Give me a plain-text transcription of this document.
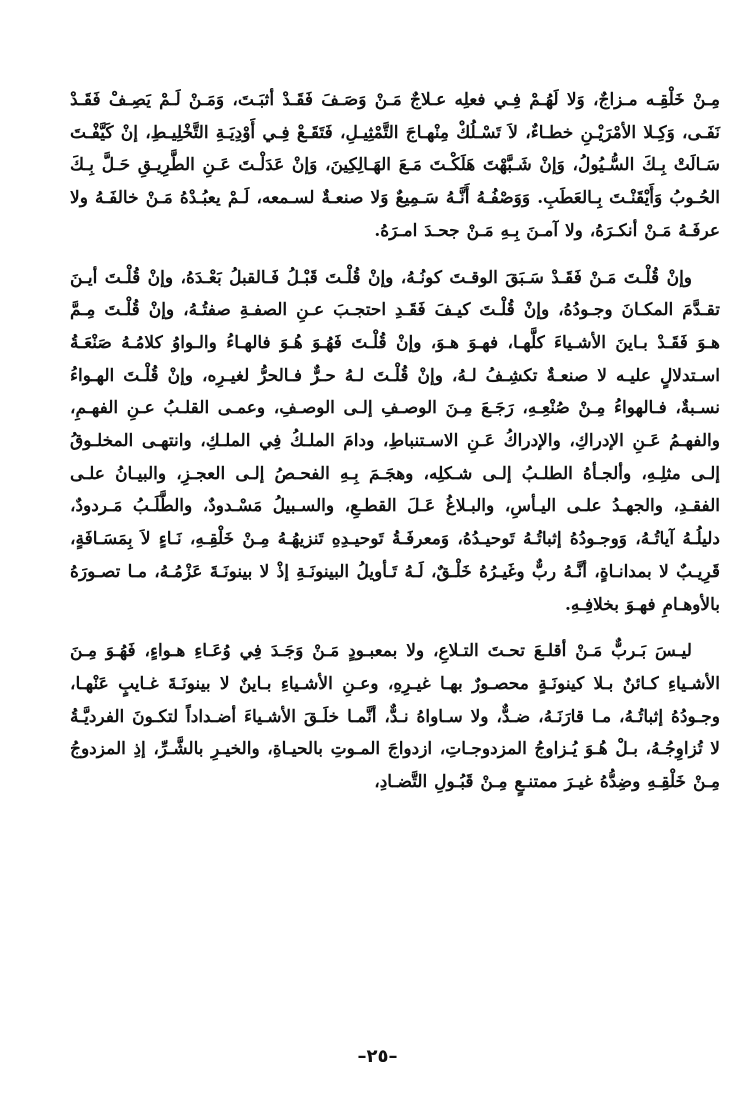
مِـنْ خَلْقِـه مـزاجٌ، وَلا لَهُـمْ فِـي فعلِه عـلاجٌ مَـنْ وَصَـفَ فَقَـدْ أثبَـتَ، وَمَـنْ لَـمْ يَصِـفْ فَقَـدْ نَفَـى، وَكِـلا الأمْرَيْـنِ خطـاءٌ، لاَ تَسْـلُكْ مِنْهـاجَ التَّمْثِيـلِ، فَتَقَـعْ فِـي أَوْدِيَـةِ التَّخْلِيـطِ، إنْ كَيَّفْـتَ سَـالَتْ بِـكَ السُّـيُولُ، وَإنْ شَـبَّهْتَ هَلَكْـتَ مَـعَ الهَـالِكِينَ، وَإنْ عَدَلْـتَ عَـنِ الطَّرِيـقِ حَـلَّ بِـكَ الحُـوبُ وَأَيْقَنْـتَ بِـالعَطَبِ. وَوَصْفُـهُ أَنَّـهُ سَـمِيعٌ وَلا صنعـةٌ لسـمعه، لَـمْ يعبُـدْهُ مَـنْ خالفَـهُ ولا عرفَـهُ مَـنْ أنكـرَهُ، ولا آمـنَ بِـهِ مَـنْ جحـدَ امـرَهُ.

وإنْ قُلْـتَ مَـنْ فَقَـدْ سَـبَقَ الوقـتَ كونُـهُ، وإنْ قُلْـتَ قَبْـلُ فَـالقبلُ بَعْـدَهُ، وإنْ قُلْـتَ أيـنَ تقـدَّمَ المكـانَ وجـودُهُ، وإنْ قُلْـتَ كيـفَ فَقَـدِ احتجـبَ عـنِ الصفـةِ صفتُـهُ، وإنْ قُلْـتَ مِـمَّ هـوَ فَقَـدْ بـاينَ الأشـياءَ كلَّهـا، فهـوَ هـوَ، وإنْ قُلْـتَ فَهُـوَ هُـوَ فالهـاءُ والـواوُ كلامُـهُ صَنْعَـةُ اسـتدلالٍ عليـه لا صنعـةٌ تكشِـفُ لـهُ، وإنْ قُلْـتَ لـهُ حـرٌّ فـالحرُّ لغيـرِه، وإنْ قُلْـتَ الهـواءُ نسـبةٌ، فـالهواءُ مِـنْ صُنْعِـهِ، رَجَـعَ مِـنَ الوصـفِ إلـى الوصـفِ، وعمـى القلـبُ عـنِ الفهـمِ، والفهـمُ عَـنِ الإدراكِ، والإدراكُ عَـنِ الاسـتنباطِ، ودامَ الملـكُ فِي الملـكِ، وانتهـى المخلـوقُ إلـى مثلِـهِ، وألجـأهُ الطلـبُ إلـى شـكلِه، وهجَـمَ بِـهِ الفحـصُ إلـى العجـزِ، والبيـانُ علـى الفقـدِ، والجهـدُ علـى اليـأسِ، والبـلاغُ عَـلَ القطـعِ، والسـبيلُ مَسْـدودٌ، والطَّلَـبُ مَـردودٌ، دليلُـهُ آياتُـهُ، وَوجـودُهُ إثباتُـهُ تَوحيـدُهُ، وَمعرفَـةُ تَوحيـدِهِ تَنزيهُـهُ مِـنْ خَلْقِـهِ، نَـاءٍ لاَ بِمَسَـافَةٍ، قَرِيـبٌ لا بمدانـاةٍ، أنَّـهُ ربٌّ وغَيـرُهُ خَلْـقٌ، لَـهُ تَـأويلُ البينونَـةِ إذْ لا بينونَـةَ عَزْمُـهُ، مـا تصـورَهُ بالأوهـامِ فهـوَ بخلافِـهِ.

ليـسَ بَـربٌّ مَـنْ أقلـعَ تحـتَ التـلاعِ، ولا بمعبـودٍ مَـنْ وَجَـدَ فِي وُعَـاءِ هـواءٍ، فَهُـوَ مِـنَ الأشـياءِ كـائنٌ بـلا كينونَـةٍ محصـورٌ بهـا غيـرِهِ، وعـنِ الأشـياءِ بـاينٌ لا بينونَـةَ غـايبٍ عَنْهـا، وجـودُهُ إثباتُـهُ، مـا قارَنَـهُ، ضـدٌّ، ولا سـاواهُ نـدٌّ، أنَّمـا خلَـقَ الأشـياءَ أضـداداً لتكـونَ الفرديَّـةُ لا تُزاوِجُـهُ، بـلْ هُـوَ يُـزاوجُ المزدوجـاتِ، ازدواجَ المـوتِ بالحيـاةِ، والخيـرِ بالشَّـرِّ، إذِ المزدوجُ مِـنْ خَلْقِـهِ وضِدُّهُ غيـرَ ممتنـعٍ مِـنْ قَبُـولِ التَّضـادِ،

–٢٥–
